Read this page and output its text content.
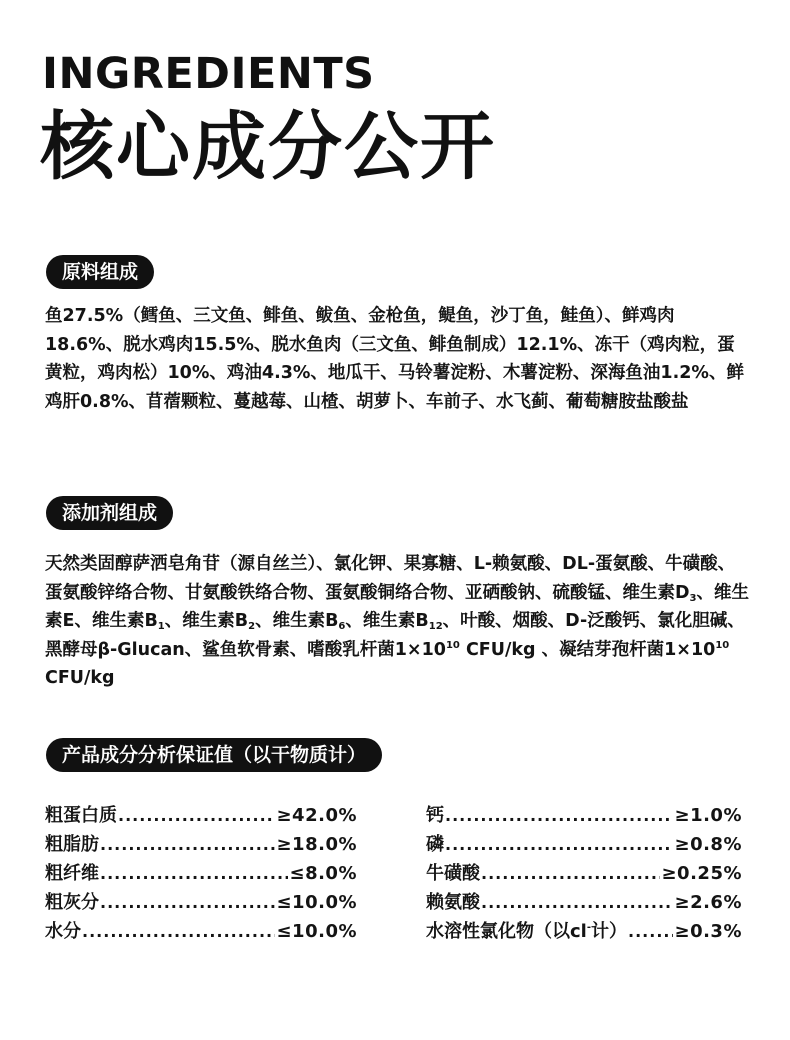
INGREDIENTS
核心成分公开
原料组成

鱼27.5%（鳕鱼、三文鱼、鲱鱼、鲅鱼、金枪鱼，鳀鱼，沙丁鱼，鲑鱼）、鲜鸡肉18.6%、脱水鸡肉15.5%、脱水鱼肉（三文鱼、鲱鱼制成）12.1%、冻干（鸡肉粒，蛋黄粒，鸡肉松）10%、鸡油4.3%、地瓜干、马铃薯淀粉、木薯淀粉、深海鱼油1.2%、鲜鸡肝0.8%、苜蓿颗粒、蔓越莓、山楂、胡萝卜、车前子、水飞蓟、葡萄糖胺盐酸盐

添加剂组成

天然类固醇萨洒皂角苷（源自丝兰）、氯化钾、果寡糖、L-赖氨酸、DL-蛋氨酸、牛磺酸、蛋氨酸锌络合物、甘氨酸铁络合物、蛋氨酸铜络合物、亚硒酸钠、硫酸锰、维生素$D_3$、维生素E、维生素$B_1$、维生素$B_2$、维生素$B_6$、维生素$B_{12}$、叶酸、烟酸、D-泛酸钙、氯化胆碱、黑酵母β-Glucan、鲨鱼软骨素、嗜酸乳杆菌$1\times 10^{10}$ CFU/kg 、凝结芽孢杆菌$1\times 10^{10}$ CFU/kg

产品成分分析保证值（以干物质计）
粗蛋白质 .....	≥42.0%
粗脂肪 .....	≥18.0%
粗纤维 .....	≤8.0%
粗灰分 .....	≤10.0%
水分 .....	≤10.0%
钙 .....	≥1.0%
磷 .....	≥0.8%
牛磺酸 .....	≥0.25%
赖氨酸 .....	≥2.6%
水溶性氯化物（以cl-计） .....	≥0.3%
